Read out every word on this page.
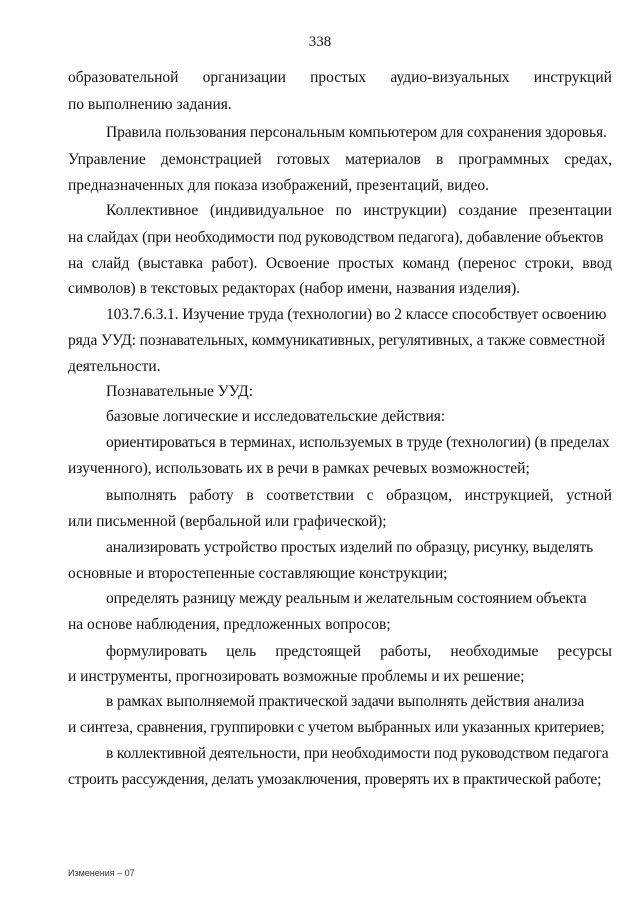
338
образовательной организации простых аудио-визуальных инструкций
по выполнению задания.
Правила пользования персональным компьютером для сохранения здоровья.
Управление демонстрацией готовых материалов в программных средах,
предназначенных для показа изображений, презентаций, видео.
Коллективное (индивидуальное по инструкции) создание презентации
на слайдах (при необходимости под руководством педагога), добавление объектов
на слайд (выставка работ). Освоение простых команд (перенос строки, ввод
символов) в текстовых редакторах (набор имени, названия изделия).
103.7.6.3.1. Изучение труда (технологии) во 2 классе способствует освоению
ряда УУД: познавательных, коммуникативных, регулятивных, а также совместной
деятельности.
Познавательные УУД:
базовые логические и исследовательские действия:
ориентироваться в терминах, используемых в труде (технологии) (в пределах
изученного), использовать их в речи в рамках речевых возможностей;
выполнять работу в соответствии с образцом, инструкцией, устной
или письменной (вербальной или графической);
анализировать устройство простых изделий по образцу, рисунку, выделять
основные и второстепенные составляющие конструкции;
определять разницу между реальным и желательным состоянием объекта
на основе наблюдения, предложенных вопросов;
формулировать цель предстоящей работы, необходимые ресурсы
и инструменты, прогнозировать возможные проблемы и их решение;
в рамках выполняемой практической задачи выполнять действия анализа
и синтеза, сравнения, группировки с учетом выбранных или указанных критериев;
в коллективной деятельности, при необходимости под руководством педагога
строить рассуждения, делать умозаключения, проверять их в практической работе;
Изменения – 07
